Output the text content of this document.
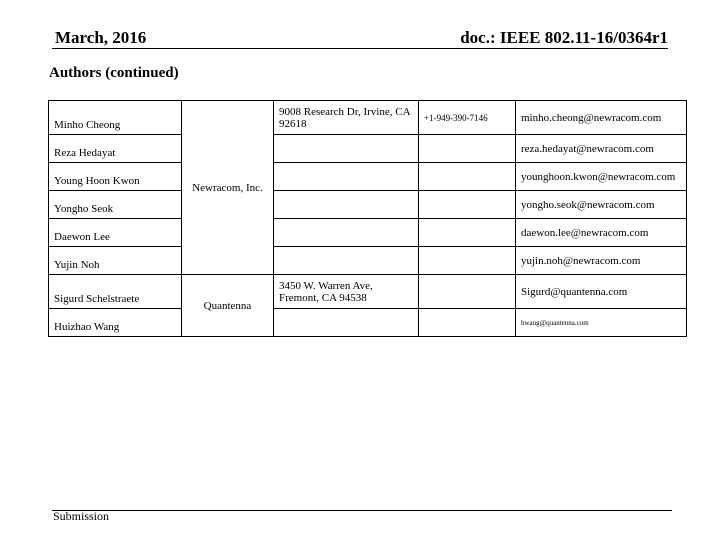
March, 2016	doc.: IEEE 802.11-16/0364r1
Authors (continued)
Minho Cheong	Newracom, Inc.	9008 Research Dr, Irvine, CA 92618	+1-949-390-7146	minho.cheong@newracom.com
Reza Hedayat				reza.hedayat@newracom.com
Young Hoon Kwon				younghoon.kwon@newracom.com
Yongho Seok				yongho.seok@newracom.com
Daewon Lee				daewon.lee@newracom.com
Yujin Noh				yujin.noh@newracom.com
Sigurd Schelstraete	Quantenna	3450 W. Warren Ave, Fremont, CA 94538		Sigurd@quantenna.com
Huizhao Wang				hwang@quantenna.com
Submission
